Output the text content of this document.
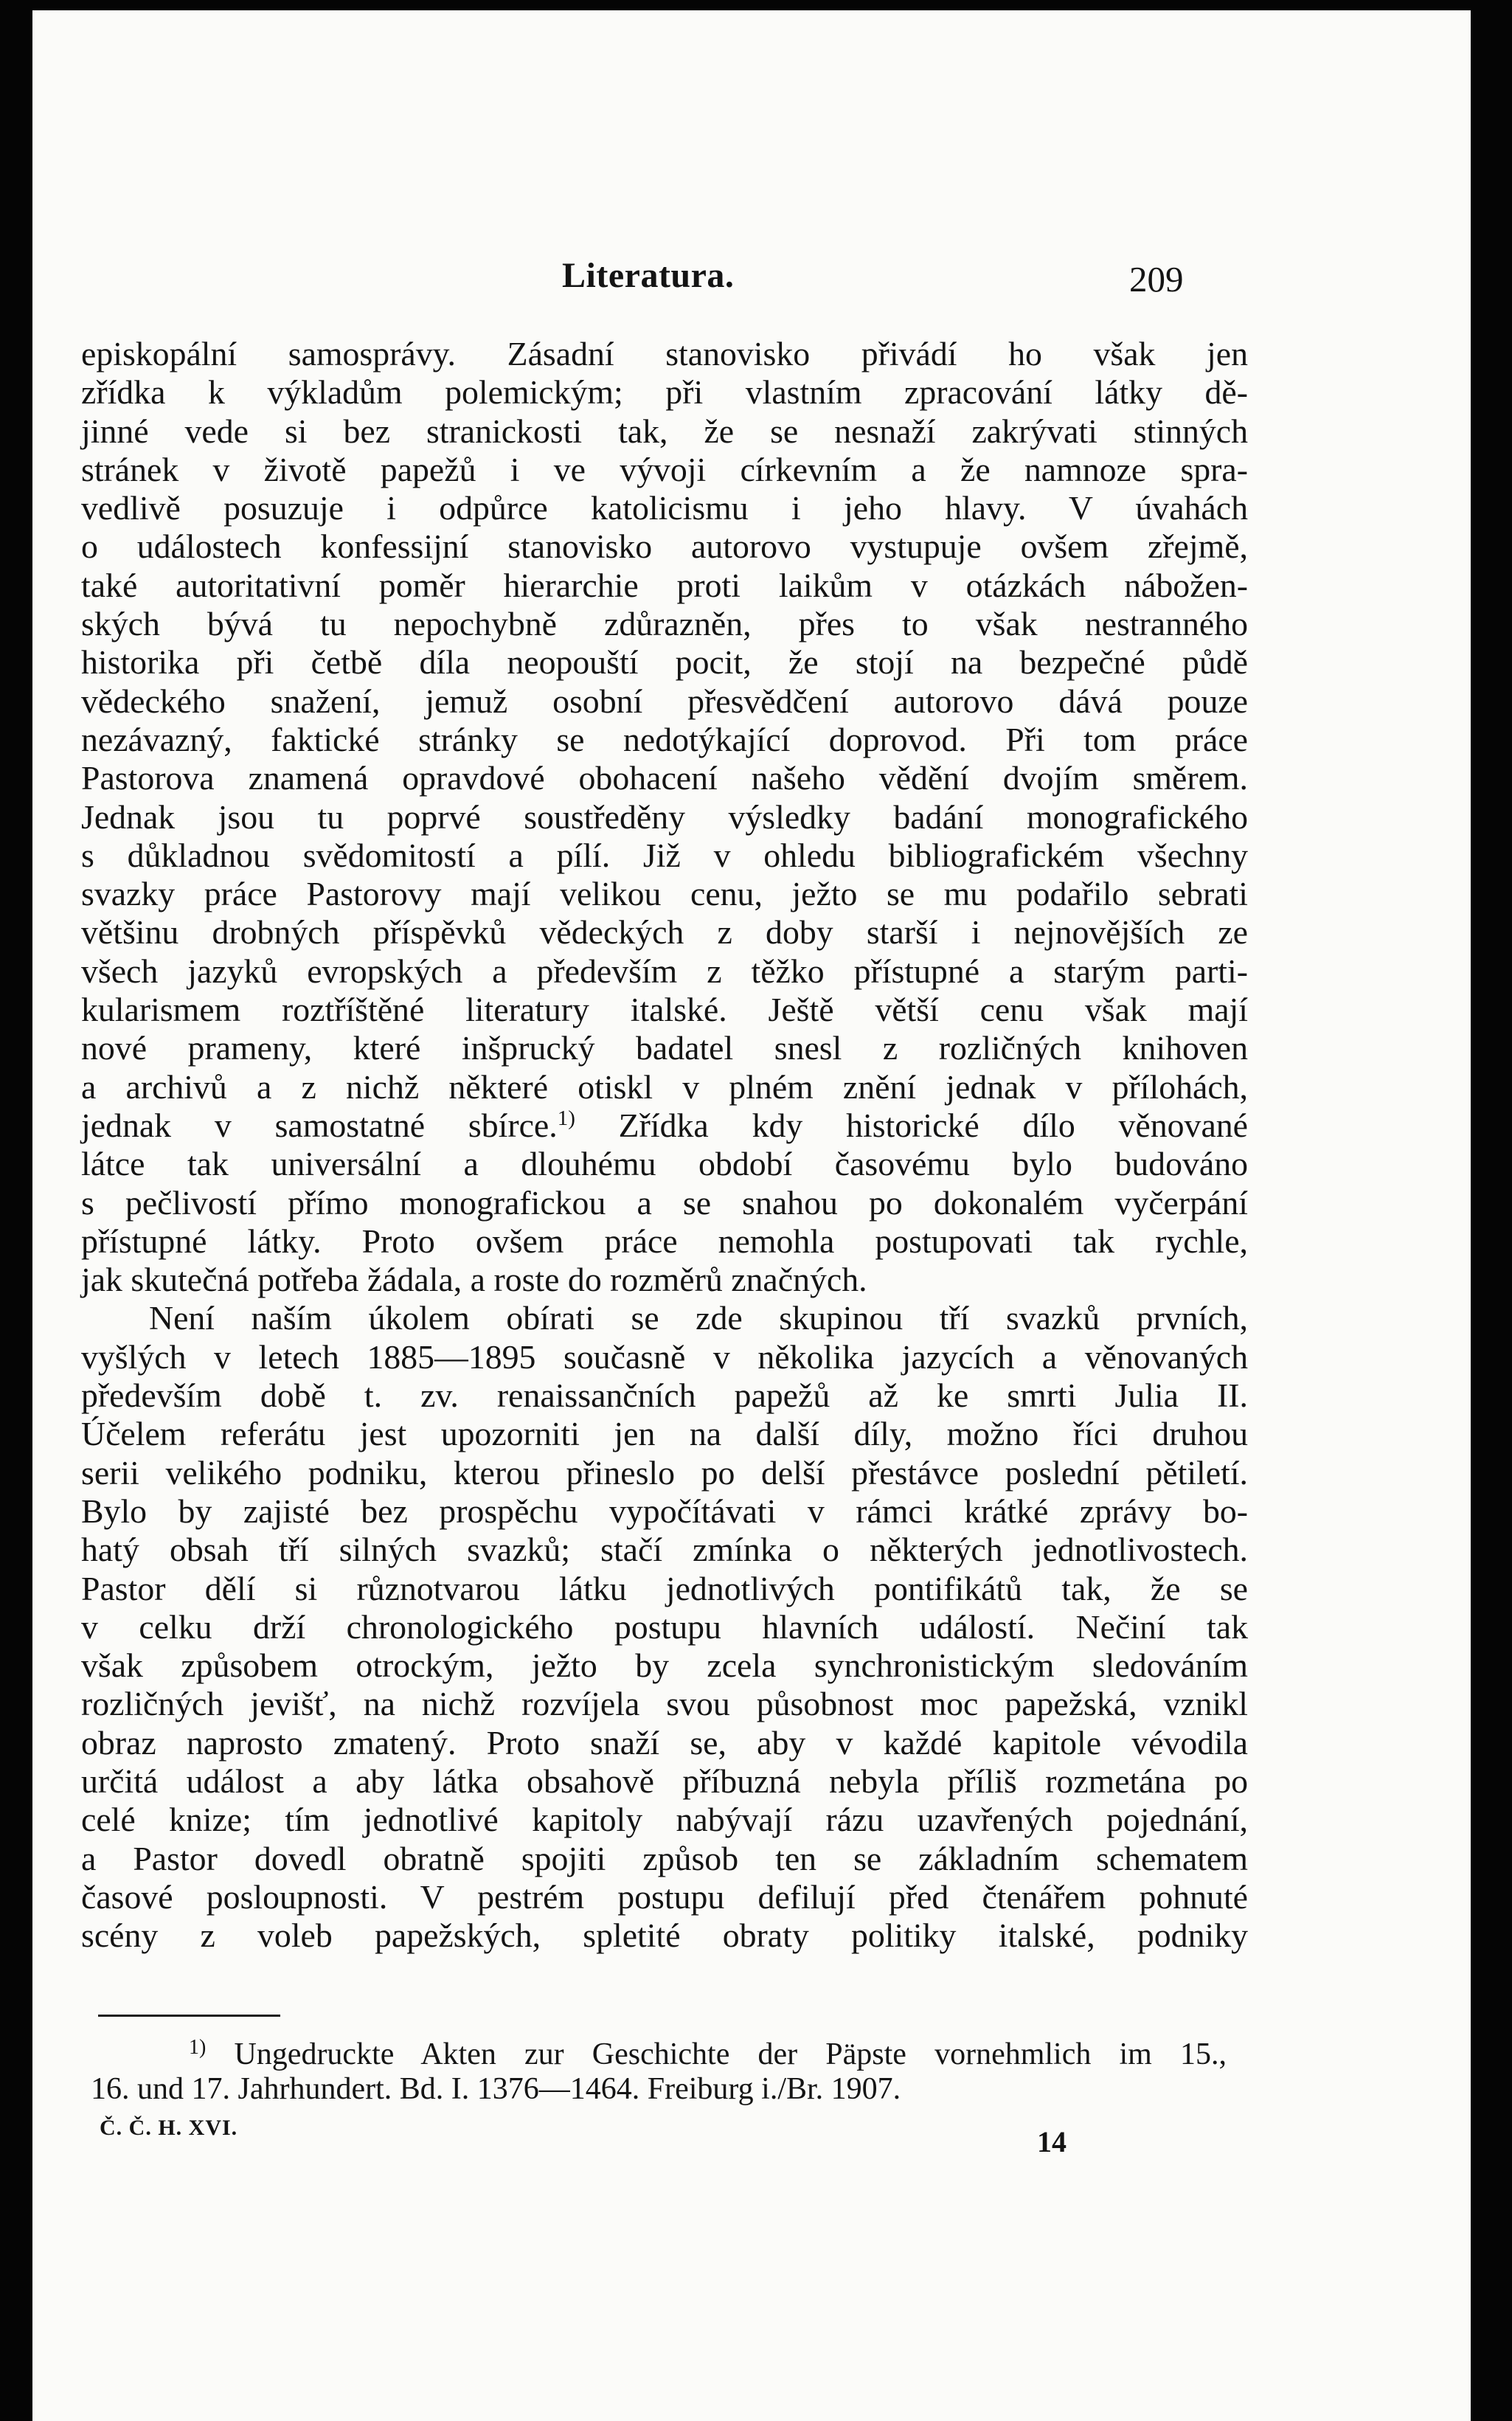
Literatura.	209
episkopální samosprávy. Zásadní stanovisko přivádí ho však jen
zřídka k výkladům polemickým; při vlastním zpracování látky dě-
jinné vede si bez stranickosti tak, že se nesnaží zakrývati stinných
stránek v životě papežů i ve vývoji církevním a že namnoze spra-
vedlivě posuzuje i odpůrce katolicismu i jeho hlavy. V úvahách
o událostech konfessijní stanovisko autorovo vystupuje ovšem zřejmě,
také autoritativní poměr hierarchie proti laikům v otázkách nábožen-
ských bývá tu nepochybně zdůrazněn, přes to však nestranného
historika při četbě díla neopouští pocit, že stojí na bezpečné půdě
vědeckého snažení, jemuž osobní přesvědčení autorovo dává pouze
nezávazný, faktické stránky se nedotýkající doprovod. Při tom práce
Pastorova znamená opravdové obohacení našeho vědění dvojím směrem.
Jednak jsou tu poprvé soustředěny výsledky badání monografického
s důkladnou svědomitostí a pílí. Již v ohledu bibliografickém všechny
svazky práce Pastorovy mají velikou cenu, ježto se mu podařilo sebrati
většinu drobných příspěvků vědeckých z doby starší i nejnovějších ze
všech jazyků evropských a především z těžko přístupné a starým parti-
kularismem roztříštěné literatury italské. Ještě větší cenu však mají
nové prameny, které inšprucký badatel snesl z rozličných knihoven
a archivů a z nichž některé otiskl v plném znění jednak v přílohách,
jednak v samostatné sbírce.$^{1)}$ Zřídka kdy historické dílo věnované
látce tak universální a dlouhému období časovému bylo budováno
s pečlivostí přímo monografickou a se snahou po dokonalém vyčerpání
přístupné látky. Proto ovšem práce nemohla postupovati tak rychle,
jak skutečná potřeba žádala, a roste do rozměrů značných.
Není naším úkolem obírati se zde skupinou tří svazků prvních,
vyšlých v letech 1885—1895 současně v několika jazycích a věnovaných
především době t. zv. renaissančních papežů až ke smrti Julia II.
Účelem referátu jest upozorniti jen na další díly, možno říci druhou
serii velikého podniku, kterou přineslo po delší přestávce poslední pětiletí.
Bylo by zajisté bez prospěchu vypočítávati v rámci krátké zprávy bo-
hatý obsah tří silných svazků; stačí zmínka o některých jednotlivostech.
Pastor dělí si různotvarou látku jednotlivých pontifikátů tak, že se
v celku drží chronologického postupu hlavních událostí. Nečiní tak
však způsobem otrockým, ježto by zcela synchronistickým sledováním
rozličných jevišť, na nichž rozvíjela svou působnost moc papežská, vznikl
obraz naprosto zmatený. Proto snaží se, aby v každé kapitole vévodila
určitá událost a aby látka obsahově příbuzná nebyla příliš rozmetána po
celé knize; tím jednotlivé kapitoly nabývají rázu uzavřených pojednání,
a Pastor dovedl obratně spojiti způsob ten se základním schematem
časové posloupnosti. V pestrém postupu defilují před čtenářem pohnuté
scény z voleb papežských, spletité obraty politiky italské, podniky
$^{1)}$ Ungedruckte Akten zur Geschichte der Päpste vornehmlich im 15.,
16. und 17. Jahrhundert. Bd. I. 1376—1464. Freiburg i./Br. 1907.
Č. Č. H. XVI.	14
